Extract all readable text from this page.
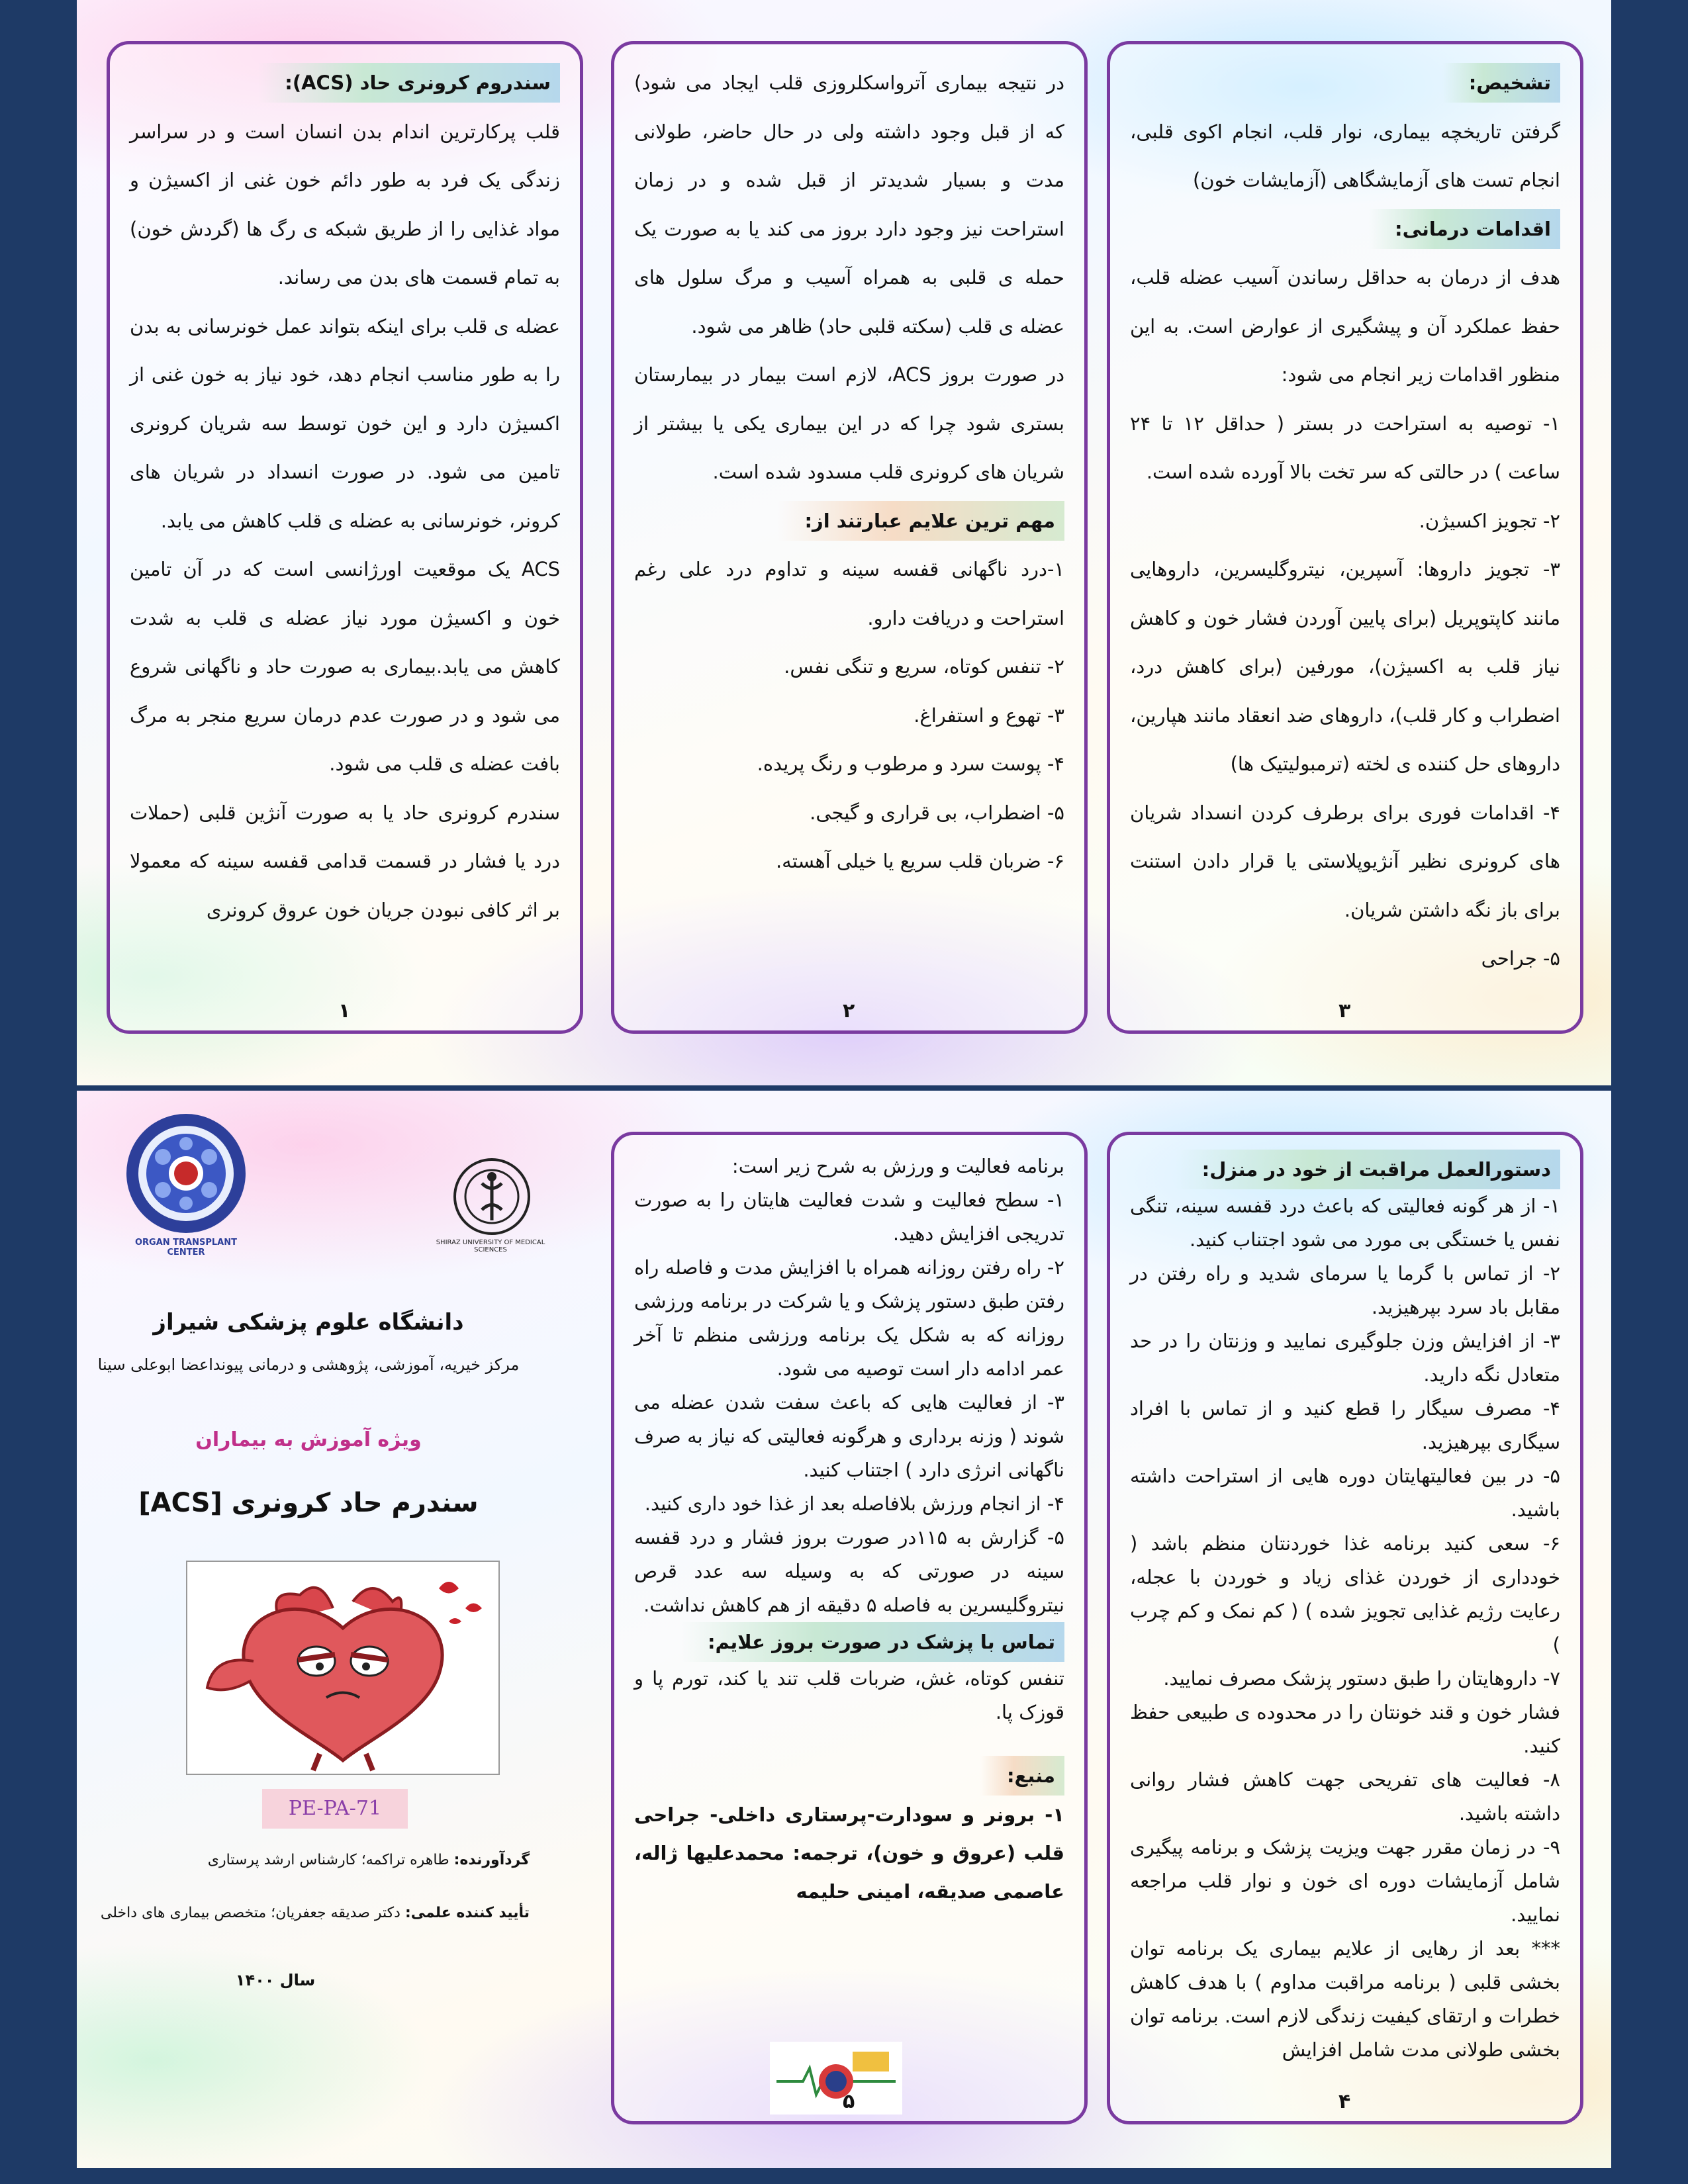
سندروم کرونری حاد (ACS):

قلب پرکارترین اندام بدن انسان است و در سراسر زندگی یک فرد به طور دائم خون غنی از اکسیژن و مواد غذایی را از طریق شبکه ی رگ ها (گردش خون) به تمام قسمت های بدن می رساند.

عضله ی قلب برای اینکه بتواند عمل خونرسانی به بدن را به طور مناسب انجام دهد، خود نیاز به خون غنی از اکسیژن دارد و این خون توسط سه شریان کرونری تامین می شود. در صورت انسداد در شریان های کرونر، خونرسانی به عضله ی قلب کاهش می یابد.

ACS یک موقعیت اورژانسی است که در آن تامین خون و اکسیژن مورد نیاز عضله ی قلب به شدت کاهش می یابد.بیماری به صورت حاد و ناگهانی شروع می شود و در صورت عدم درمان سریع منجر به مرگ بافت عضله ی قلب می شود.

سندرم کرونری حاد یا به صورت آنژین قلبی (حملات درد یا فشار در قسمت قدامی قفسه سینه که معمولا بر اثر کافی نبودن جریان خون عروق کرونری

۱

در نتیجه بیماری آترواسکلروزی قلب ایجاد می شود) که از قبل وجود داشته ولی در حال حاضر، طولانی مدت و بسیار شدیدتر از قبل شده و در زمان استراحت نیز وجود دارد بروز می کند یا به صورت یک حمله ی قلبی به همراه آسیب و مرگ سلول های عضله ی قلب (سکته قلبی حاد) ظاهر می شود.

در صورت بروز ACS، لازم است بیمار در بیمارستان بستری شود چرا که در این بیماری یکی یا بیشتر از شریان های کرونری قلب مسدود شده است.

مهم ترین علایم عبارتند از:

۱-درد ناگهانی قفسه سینه و تداوم درد علی رغم استراحت و دریافت دارو.

۲- تنفس کوتاه، سریع و تنگی نفس.

۳- تهوع و استفراغ.

۴- پوست سرد و مرطوب و رنگ پریده.

۵- اضطراب، بی قراری و گیجی.

۶- ضربان قلب سریع یا خیلی آهسته.

۲
تشخیص:

گرفتن تاریخچه بیماری، نوار قلب، انجام اکوی قلبی، انجام تست های آزمایشگاهی (آزمایشات خون)

اقدامات درمانی:

هدف از درمان به حداقل رساندن آسیب عضله قلب، حفظ عملکرد آن و پیشگیری از عوارض است. به این منظور اقدامات زیر انجام می شود:

۱- توصیه به استراحت در بستر ( حداقل ۱۲ تا ۲۴ ساعت ) در حالتی که سر تخت بالا آورده شده است.

۲- تجویز اکسیژن.

۳- تجویز داروها: آسپرین، نیتروگلیسرین، داروهایی مانند کاپتوپریل (برای پایین آوردن فشار خون و کاهش نیاز قلب به اکسیژن)، مورفین (برای کاهش درد، اضطراب و کار قلب)، داروهای ضد انعقاد مانند هپارین، داروهای حل کننده ی لخته (ترمبولیتیک ها)

۴- اقدامات فوری برای برطرف کردن انسداد شریان های کرونری نظیر آنژیوپلاستی یا قرار دادن استنت برای باز نگه داشتن شریان.

۵- جراحی

۳
ORGAN TRANSPLANT CENTER
SHIRAZ UNIVERSITY OF MEDICAL SCIENCES
دانشگاه علوم پزشکی شیراز
مرکز خیریه، آموزشی، پژوهشی و درمانی پیونداعضا ابوعلی سینا
ویژه آموزش به بیماران
سندرم حاد کرونری [ACS]
PE-PA-71
گردآورنده: طاهره تراکمه؛ کارشناس ارشد پرستاری
تأیید کننده علمی: دکتر صدیقه جعفریان؛ متخصص بیماری های داخلی
سال ۱۴۰۰

برنامه فعالیت و ورزش به شرح زیر است:

۱- سطح فعالیت و شدت فعالیت هایتان را به صورت تدریجی افزایش دهید.

۲- راه رفتن روزانه همراه با افزایش مدت و فاصله راه رفتن طبق دستور پزشک و یا شرکت در برنامه ورزشی روزانه که به شکل یک برنامه ورزشی منظم تا آخر عمر ادامه دار است توصیه می شود.

۳- از فعالیت هایی که باعث سفت شدن عضله می شوند ( وزنه برداری و هرگونه فعالیتی که نیاز به صرف ناگهانی انرژی دارد ) اجتناب کنید.

۴- از انجام ورزش بلافاصله بعد از غذا خود داری کنید.

۵- گزارش به ۱۱۵در صورت بروز فشار و درد قفسه سینه در صورتی که به وسیله سه عدد قرص نیتروگلیسرین به فاصله ۵ دقیقه از هم کاهش نداشت.

تماس با پزشک در صورت بروز علایم:

تنفس کوتاه، غش، ضربات قلب تند یا کند، تورم پا و قوزک پا.

منبع:

۱- برونر و سودارت-پرستاری داخلی- جراحی قلب (عروق و خون)، ترجمه: محمدعلیها ژاله، عاصمی صدیقه، امینی حلیمه

۵
دستورالعمل مراقبت از خود در منزل:

۱- از هر گونه فعالیتی که باعث درد قفسه سینه، تنگی نفس یا خستگی بی مورد می شود اجتناب کنید.

۲- از تماس با گرما یا سرمای شدید و راه رفتن در مقابل باد سرد بپرهیزید.

۳- از افزایش وزن جلوگیری نمایید و وزنتان را در حد متعادل نگه دارید.

۴- مصرف سیگار را قطع کنید و از تماس با افراد سیگاری بپرهیزید.

۵- در بین فعالیتهایتان دوره هایی از استراحت داشته باشید.

۶- سعی کنید برنامه غذا خوردنتان منظم باشد ( خودداری از خوردن غذای زیاد و خوردن با عجله، رعایت رژیم غذایی تجویز شده ) ( کم نمک و کم چرب )

۷- داروهایتان را طبق دستور پزشک مصرف نمایید.

فشار خون و قند خونتان را در محدوده ی طبیعی حفظ کنید.

۸- فعالیت های تفریحی جهت کاهش فشار روانی داشته باشید.

۹- در زمان مقرر جهت ویزیت پزشک و برنامه پیگیری شامل آزمایشات دوره ای خون و نوار قلب مراجعه نمایید.

*** بعد از رهایی از علایم بیماری یک برنامه توان بخشی قلبی ( برنامه مراقبت مداوم ) با هدف کاهش خطرات و ارتقای کیفیت زندگی لازم است. برنامه توان بخشی طولانی مدت شامل افزایش

۴
